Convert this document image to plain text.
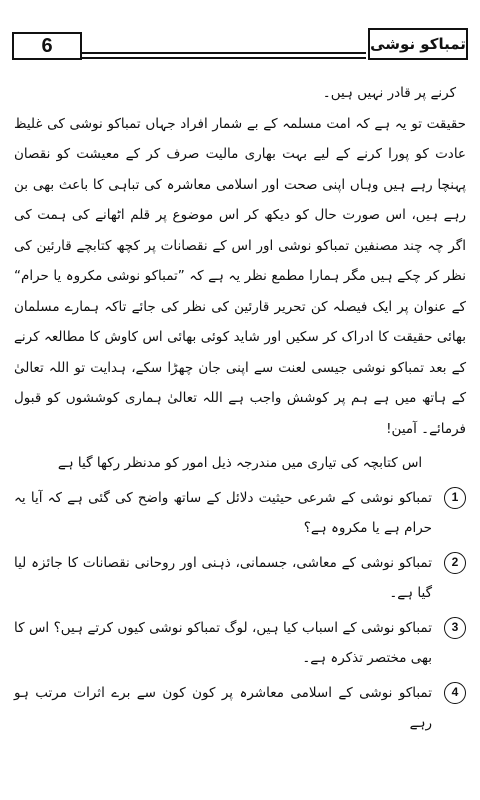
6	تمباکو نوشی

کرنے پر قادر نہیں ہیں۔

حقیقت تو یہ ہے کہ امت مسلمہ کے بے شمار افراد جہاں تمباکو نوشی کی غلیظ عادت کو پورا کرنے کے لیے بہت بھاری مالیت صرف کر کے معیشت کو نقصان پہنچا رہے ہیں وہاں اپنی صحت اور اسلامی معاشرہ کی تباہی کا باعث بھی بن رہے ہیں، اس صورت حال کو دیکھ کر اس موضوع پر قلم اٹھانے کی ہمت کی اگر چہ چند مصنفین تمباکو نوشی اور اس کے نقصانات پر کچھ کتابچے قارئین کی نظر کر چکے ہیں مگر ہمارا مطمع نظر یہ ہے کہ ”تمباکو نوشی مکروہ یا حرام“ کے عنوان پر ایک فیصلہ کن تحریر قارئین کی نظر کی جائے تاکہ ہمارے مسلمان بھائی حقیقت کا ادراک کر سکیں اور شاید کوئی بھائی اس کاوش کا مطالعہ کرنے کے بعد تمباکو نوشی جیسی لعنت سے اپنی جان چھڑا سکے، ہدایت تو اللہ تعالیٰ کے ہاتھ میں ہے ہم پر کوشش واجب ہے اللہ تعالیٰ ہماری کوششوں کو قبول فرمائے۔ آمین!

اس کتابچہ کی تیاری میں مندرجہ ذیل امور کو مدنظر رکھا گیا ہے

1
تمباکو نوشی کے شرعی حیثیت دلائل کے ساتھ واضح کی گئی ہے کہ آیا یہ حرام ہے یا مکروہ ہے؟
2
تمباکو نوشی کے معاشی، جسمانی، ذہنی اور روحانی نقصانات کا جائزہ لیا گیا ہے۔
3
تمباکو نوشی کے اسباب کیا ہیں، لوگ تمباکو نوشی کیوں کرتے ہیں؟ اس کا بھی مختصر تذکرہ ہے۔
4
تمباکو نوشی کے اسلامی معاشرہ پر کون کون سے برے اثرات مرتب ہو رہے
